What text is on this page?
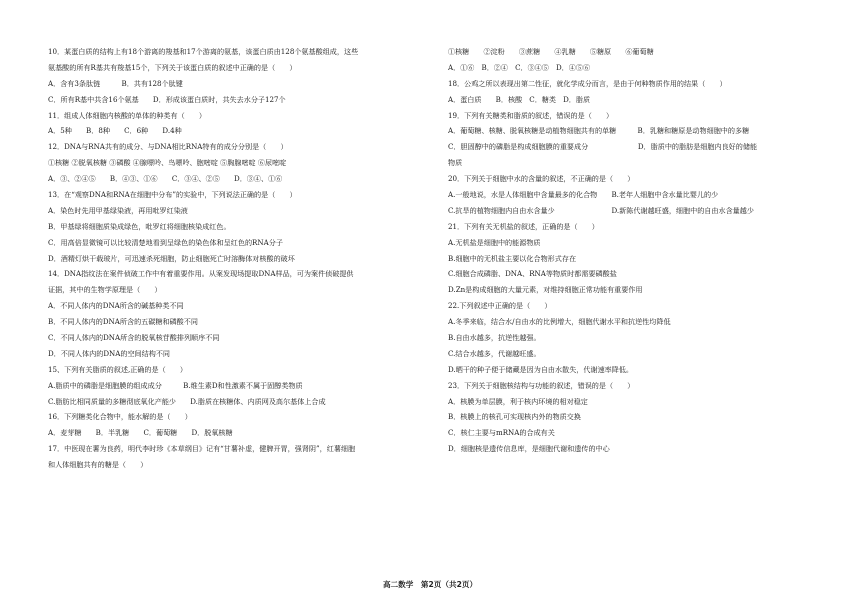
10．某蛋白质的结构上有18个游离的羧基和17个游离的氨基，该蛋白质由128个氨基酸组成，这些
氨基酸的所有R基共有羧基15个，下列关于该蛋白质的叙述中正确的是（　　）
A．含有3条肽链　　　B．共有128个肽键
C．所有R基中共含16个氨基　　D．形成该蛋白质时，共失去水分子127个
11．组成人体细胞内核酸的单体的种类有（　　）
A．5种　　B．8种　　C．6种　　D.4种
12．DNA与RNA共有的成分、与DNA相比RNA特有的成分分别是（　　）
①核糖 ②脱氧核糖 ③磷酸 ④腺嘌呤、鸟嘌呤、胞嘧啶 ⑤胸腺嘧啶 ⑥尿嘧啶
A．③、②④⑤　　B．④③、①⑥　　C．③④、②⑤　　D．③④、①⑥
13．在“观察DNA和RNA在细胞中分布”的实验中，下列说法正确的是（　　）
A．染色时先用甲基绿染液，再用吡罗红染液
B．甲基绿将细胞质染成绿色，吡罗红将细胞核染成红色。
C．用高倍显微镜可以比较清楚地看到呈绿色的染色体和呈红色的RNA分子
D．酒精灯烘干载玻片，可迅速杀死细胞，防止细胞死亡时溶酶体对核酸的破坏
14．DNA指纹法在案件侦破工作中有着重要作用。从案发现场提取DNA样品，可为案件侦破提供
证据，其中的生物学原理是（　　）
A．不同人体内的DNA所含的碱基种类不同
B．不同人体内的DNA所含的五碳糖和磷酸不同
C．不同人体内的DNA所含的脱氧核苷酸排列顺序不同
D．不同人体内的DNA的空间结构不同
15、下列有关脂质的叙述,正确的是（　　）
A.脂质中的磷脂是细胞膜的组成成分　　　B.维生素D和性激素不属于固醇类物质
C.脂肪比相同质量的多糖彻底氧化产能少　　D.脂质在核糖体、内质网及高尔基体上合成
16．下列糖类化合物中，能水解的是（　　）
A．麦芽糖　　B．半乳糖　　C．葡萄糖　　D．脱氧核糖
17．中医现在薯为良药，明代李时珍《本草纲目》记有“甘薯补虚，健脾开胃，强肾阴”，红薯细胞
和人体细胞共有的糖是（　　）
①核糖　　②淀粉　　③蔗糖　　④乳糖　　⑤糖原　　⑥葡萄糖
A．①⑥　B．②④　C．③④⑤　D．④⑤⑥
18．公鸡之所以表现出第二性征，就化学成分而言，是由于何种物质作用的结果（　　）
A．蛋白质　　B．核酸　C．糖类　D．脂质
19．下列有关糖类和脂质的叙述，错误的是（　　）
A．葡萄糖、核糖、脱氧核糖是动植物细胞共有的单糖　　　B．乳糖和糖原是动物细胞中的多糖
C．胆固醇中的磷脂是构成细胞膜的重要成分　　　　　　　D．脂质中的脂肪是细胞内良好的储能
物质
20．下列关于细胞中水的含量的叙述，不正确的是（　　）
A.一般地说，水是人体细胞中含量最多的化合物　　B.老年人细胞中含水量比婴儿的少
C.抗旱的植物细胞内自由水含量少　　　　　　　　D.新陈代谢越旺盛，细胞中的自由水含量越少
21．下列有关无机盐的叙述，正确的是（　　）
A.无机盐是细胞中的能源物质
B.细胞中的无机盐主要以化合物形式存在
C.细胞合成磷脂、DNA、RNA等物质时都需要磷酸盐
D.Zn是构成细胞的大量元素，对维持细胞正常功能有重要作用
22.下列叙述中正确的是（　　）
A.冬季来临，结合水/自由水的比例增大，细胞代谢水平和抗逆性均降低
B.自由水越多，抗逆性越强。
C.结合水越多，代谢越旺盛。
D.晒干的种子便于储藏是因为自由水散失，代谢速率降低。
23．下列关于细胞核结构与功能的叙述，错误的是（　　）
A．核膜为单层膜，利于核内环境的相对稳定
B．核膜上的核孔可实现核内外的物质交换
C．核仁主要与mRNA的合成有关
D．细胞核是遗传信息库，是细胞代谢和遗传的中心
高二数学　第2页（共2页）
